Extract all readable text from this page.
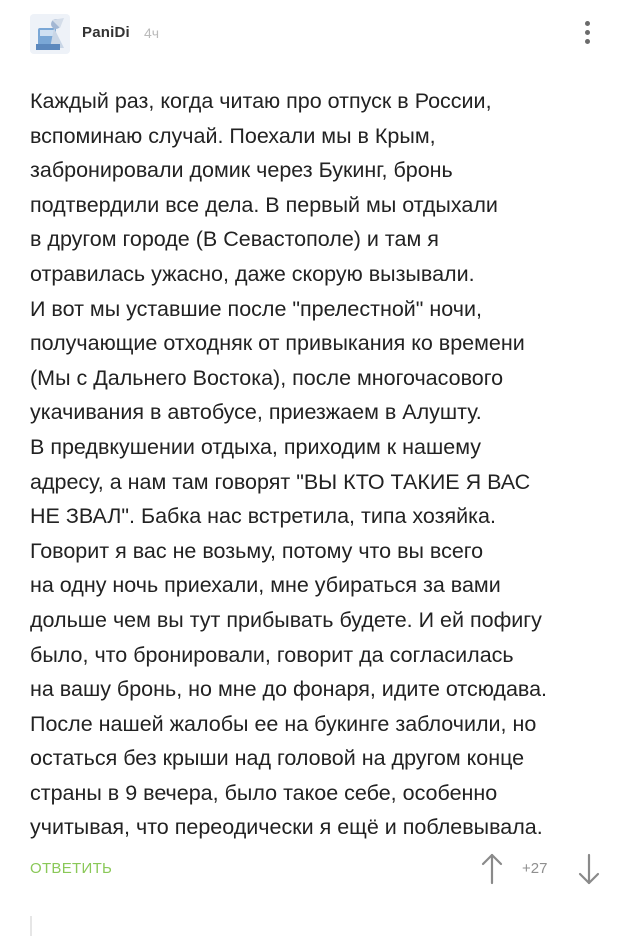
PaniDi 4ч
Каждый раз, когда читаю про отпуск в России,
вспоминаю случай. Поехали мы в Крым,
забронировали домик через Букинг, бронь
подтвердили все дела. В первый мы отдыхали
в другом городе (В Севастополе) и там я
отравилась ужасно, даже скорую вызывали.
И вот мы уставшие после "прелестной" ночи,
получающие отходняк от привыкания ко времени
(Мы с Дальнего Востока), после многочасового
укачивания в автобусе, приезжаем в Алушту.
В предвкушении отдыха, приходим к нашему
адресу, а нам там говорят "ВЫ КТО ТАКИЕ Я ВАС
НЕ ЗВАЛ". Бабка нас встретила, типа хозяйка.
Говорит я вас не возьму, потому что вы всего
на одну ночь приехали, мне убираться за вами
дольше чем вы тут прибывать будете. И ей пофигу
было, что бронировали, говорит да согласилась
на вашу бронь, но мне до фонаря, идите отсюдава.
После нашей жалобы ее на букинге заблочили, но
остаться без крыши над головой на другом конце
страны в 9 вечера, было такое себе, особенно
учитывая, что переодически я ещё и поблевывала.
ОТВЕТИТЬ	+27
